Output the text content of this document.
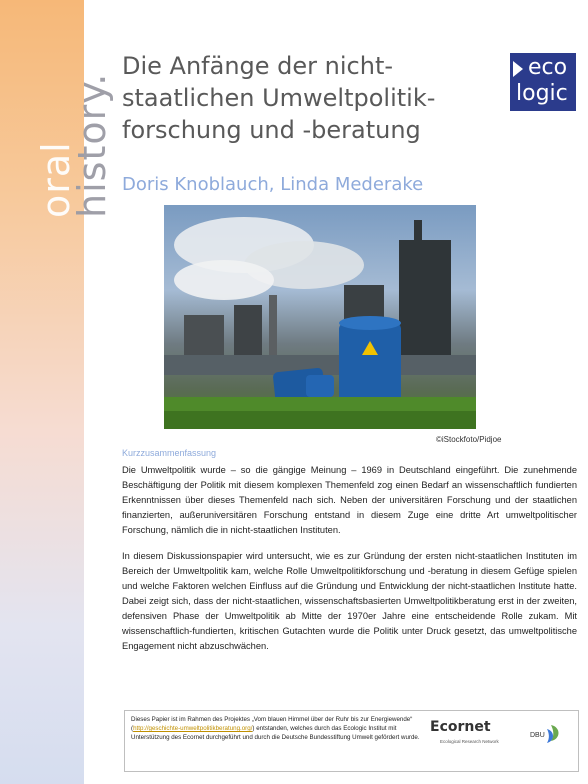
oral
history.
Die Anfänge der nicht-staatlichen Umweltpolitik-forschung und -beratung
eco
logic
Doris Knoblauch, Linda Mederake
©iStockfoto/Pidjoe
Kurzzusammenfassung

Die Umweltpolitik wurde – so die gängige Meinung – 1969 in Deutschland eingeführt. Die zunehmende Beschäftigung der Politik mit diesem komplexen Themenfeld zog einen Bedarf an wissenschaftlich fundierten Erkenntnissen über dieses Themenfeld nach sich. Neben der universitären Forschung und der staatlichen finanzierten, außeruniversitären Forschung entstand in diesem Zuge eine dritte Art umweltpolitischer Forschung, nämlich die in nicht-staatlichen Instituten.

In diesem Diskussionspapier wird untersucht, wie es zur Gründung der ersten nicht-staatlichen Instituten im Bereich der Umweltpolitik kam, welche Rolle Umweltpolitikforschung und -beratung in diesem Gefüge spielen und welche Faktoren welchen Einfluss auf die Gründung und Entwicklung der nicht-staatlichen Institute hatte. Dabei zeigt sich, dass der nicht-staatlichen, wissenschaftsbasierten Umweltpolitikberatung erst in der zweiten, defensiven Phase der Umweltpolitik ab Mitte der 1970er Jahre eine entscheidende Rolle zukam. Mit wissenschaftlich-fundierten, kritischen Gutachten wurde die Politik unter Druck gesetzt, das umweltpolitische Engagement nicht abzuschwächen.

Dieses Papier ist im Rahmen des Projektes „Vom blauen Himmel über der Ruhr bis zur Energiewende“ (http://geschichte-umweltpolitikberatung.org/) entstanden, welches durch das Ecologic Institut mit Unterstützung des Ecornet durchgeführt und durch die Deutsche Bundesstiftung Umwelt gefördert wurde.
Ecornet
Ecological Research Network
DBU
